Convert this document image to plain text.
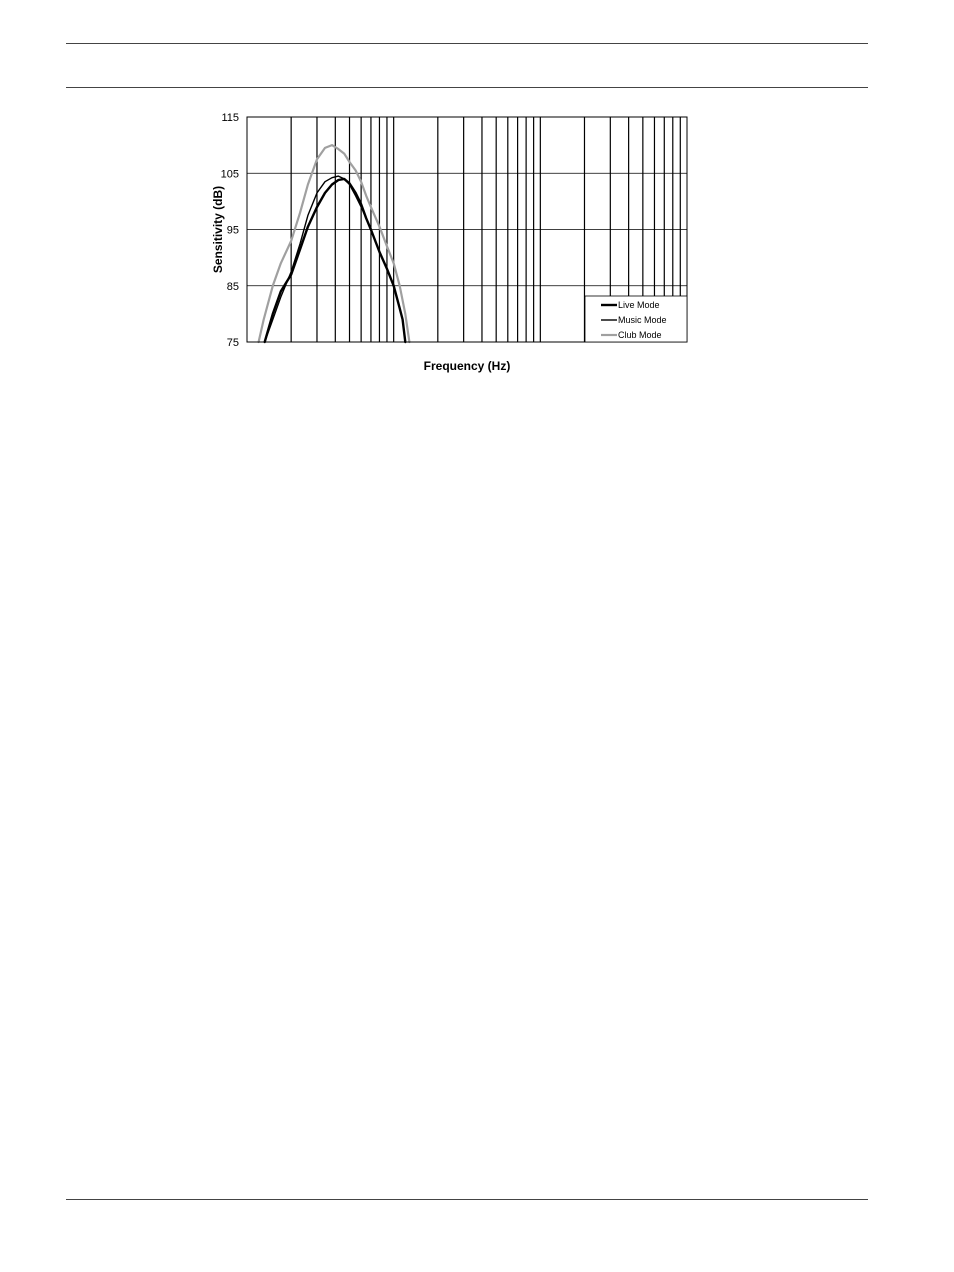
75
85
95
105
115
Live Mode
Music Mode
Club Mode
Frequency (Hz)
Sensitivity (dB)
